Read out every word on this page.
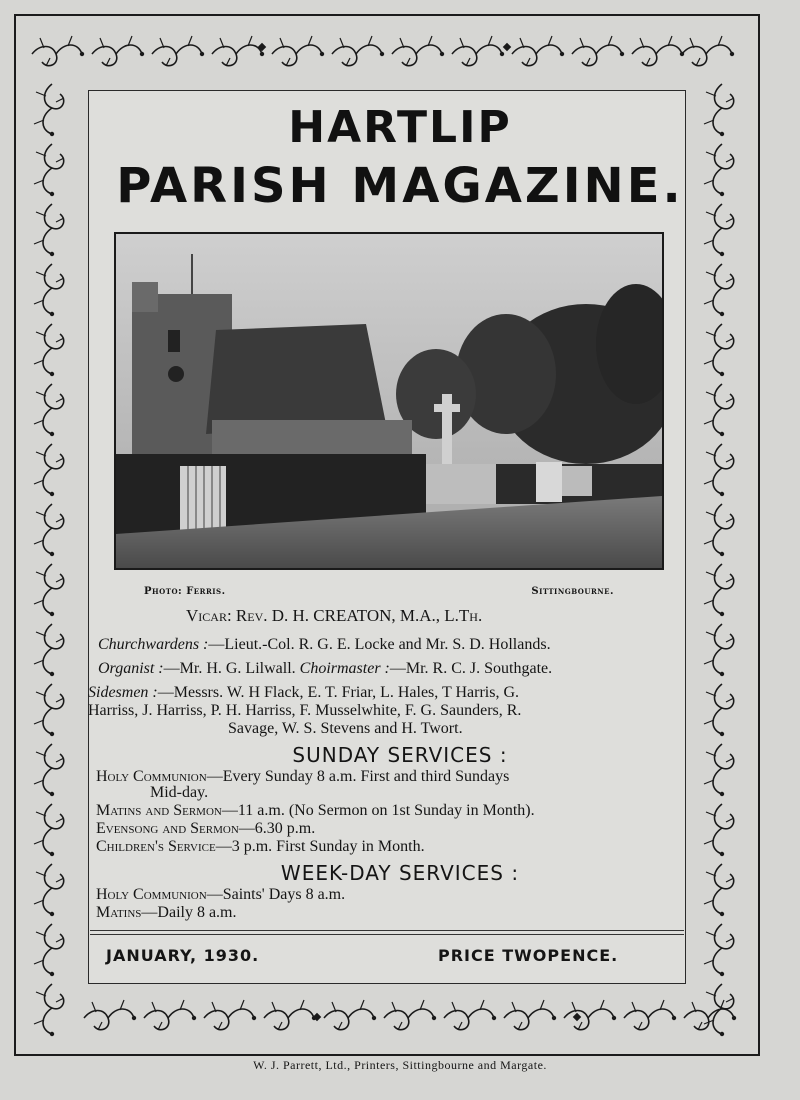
HARTLIP
PARISH MAGAZINE.
Photo: Ferris.	Sittingbourne.
Vicar: Rev. D. H. CREATON, M.A., L.Th.
Churchwardens :—Lieut.-Col. R. G. E. Locke and Mr. S. D. Hollands.
Organist :—Mr. H. G. Lilwall. Choirmaster :—Mr. R. C. J. Southgate.
Sidesmen :—Messrs. W. H Flack, E. T. Friar, L. Hales, T Harris, G.
Harriss, J. Harriss, P. H. Harriss, F. Musselwhite, F. G. Saunders, R.
Savage, W. S. Stevens and H. Twort.
SUNDAY SERVICES :
Holy Communion—Every Sunday 8 a.m. First and third Sundays
Mid-day.
Matins and Sermon—11 a.m. (No Sermon on 1st Sunday in Month).
Evensong and Sermon—6.30 p.m.
Children's Service—3 p.m. First Sunday in Month.
WEEK-DAY SERVICES :
Holy Communion—Saints' Days 8 a.m.
Matins—Daily 8 a.m.
JANUARY, 1930.	PRICE TWOPENCE.
W. J. Parrett, Ltd., Printers, Sittingbourne and Margate.
